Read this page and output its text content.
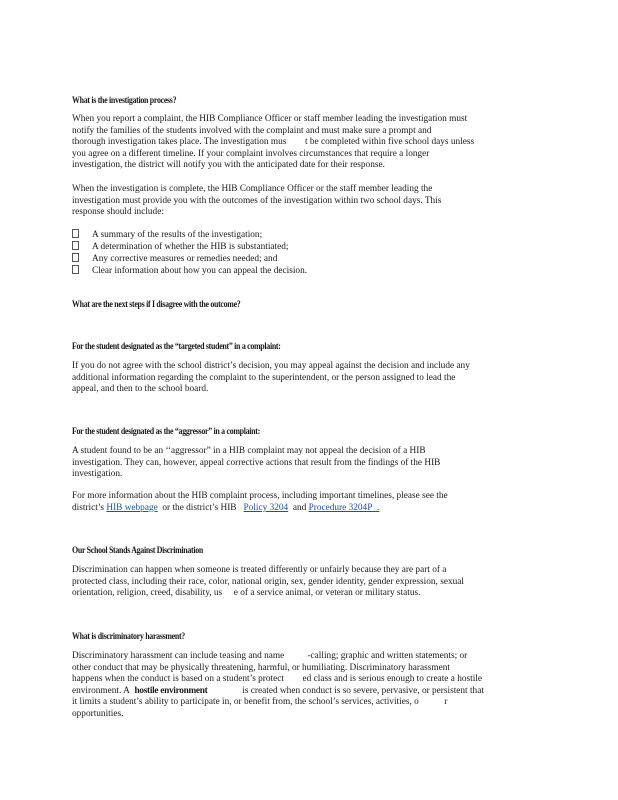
What is the investigation process?
When you report a complaint, the HIB Compliance Officer or staff member leading the investigation must
notify the families of the students involved with the complaint and must make sure a prompt and
thorough investigation takes place. The investigation mus        t be completed within five school days unless
you agree on a different timeline. If your complaint involves circumstances that require a longer
investigation, the district will notify you with the anticipated date for their response.
When the investigation is complete, the HIB Compliance Officer or the staff member leading the
investigation must provide you with the outcomes of the investigation within two school days. This
response should include:
A summary of the results of the investigation;
A determination of whether the HIB is substantiated;
Any corrective measures or remedies needed; and
Clear information about how you can appeal the decision.
What are the next steps if I disagree with the outcome?
For the student designated as the “targeted student” in a complaint:
If you do not agree with the school district’s decision, you may appeal against the decision and include any
additional information regarding the complaint to the superintendent, or the person assigned to lead the
appeal, and then to the school board.
For the student designated as the “aggressor” in a complaint:
A student found to be an ‘‘aggressor” in a HIB complaint may not appeal the decision of a HIB
investigation. They can, however, appeal corrective actions that result from the findings of the HIB
investigation.
For more information about the HIB complaint process, including important timelines, please see the
district’s HIB webpage or the district’s HIB Policy 3204 and Procedure 3204P  .
Our School Stands Against Discrimination
Discrimination can happen when someone is treated differently or unfairly because they are part of a
protected class, including their race, color, national origin, sex, gender identity, gender expression, sexual
orientation, religion, creed, disability, us     e of a service animal, or veteran or military status.
What is discriminatory harassment?
Discriminatory harassment can include teasing and name          -calling; graphic and written statements; or
other conduct that may be physically threatening, harmful, or humiliating. Discriminatory harassment
happens when the conduct is based on a student’s protect        ed class and is serious enough to create a hostile
environment. A  hostile environment               is created when conduct is so severe, pervasive, or persistent that
it limits a student’s ability to participate in, or benefit from, the school’s services, activities, o           r
opportunities.
